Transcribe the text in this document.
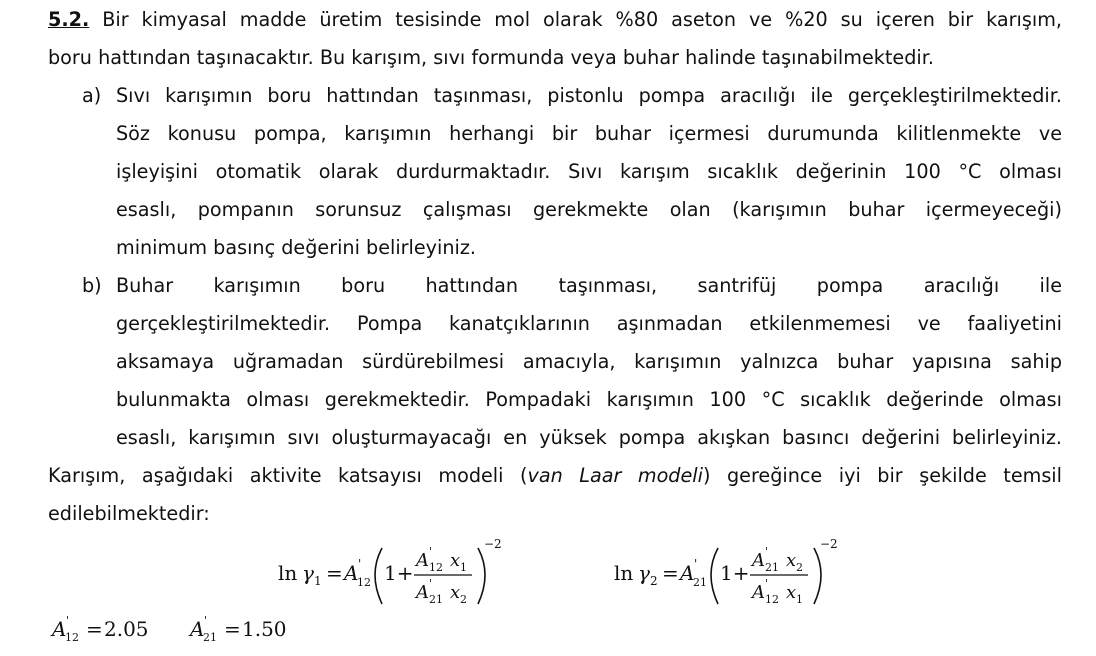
5.2. Bir kimyasal madde üretim tesisinde mol olarak %80 aseton ve %20 su içeren bir karışım,
boru hattından taşınacaktır. Bu karışım, sıvı formunda veya buhar halinde taşınabilmektedir.
a) Sıvı karışımın boru hattından taşınması, pistonlu pompa aracılığı ile gerçekleştirilmektedir.
Söz konusu pompa, karışımın herhangi bir buhar içermesi durumunda kilitlenmekte ve
işleyişini otomatik olarak durdurmaktadır. Sıvı karışım sıcaklık değerinin 100 °C olması
esaslı, pompanın sorunsuz çalışması gerekmekte olan (karışımın buhar içermeyeceği)
minimum basınç değerini belirleyiniz.
b) Buhar karışımın boru hattından taşınması, santrifüj pompa aracılığı ile
gerçekleştirilmektedir. Pompa kanatçıklarının aşınmadan etkilenmemesi ve faaliyetini
aksamaya uğramadan sürdürebilmesi amacıyla, karışımın yalnızca buhar yapısına sahip
bulunmakta olması gerekmektedir. Pompadaki karışımın 100 °C sıcaklık değerinde olması
esaslı, karışımın sıvı oluşturmayacağı en yüksek pompa akışkan basıncı değerini belirleyiniz.
Karışım, aşağıdaki aktivite katsayısı modeli (van Laar modeli) gereğince iyi bir şekilde temsil
edilebilmektedir:
ln γ 1 = A '
12 1+
A '
12 x 1
A '
21 x 2
−2
ln γ 2 = A '
21 1+
A '
21 x 2
A '
12 x 1
−2
A '
12 = 2.05 A '
21 = 1.50
